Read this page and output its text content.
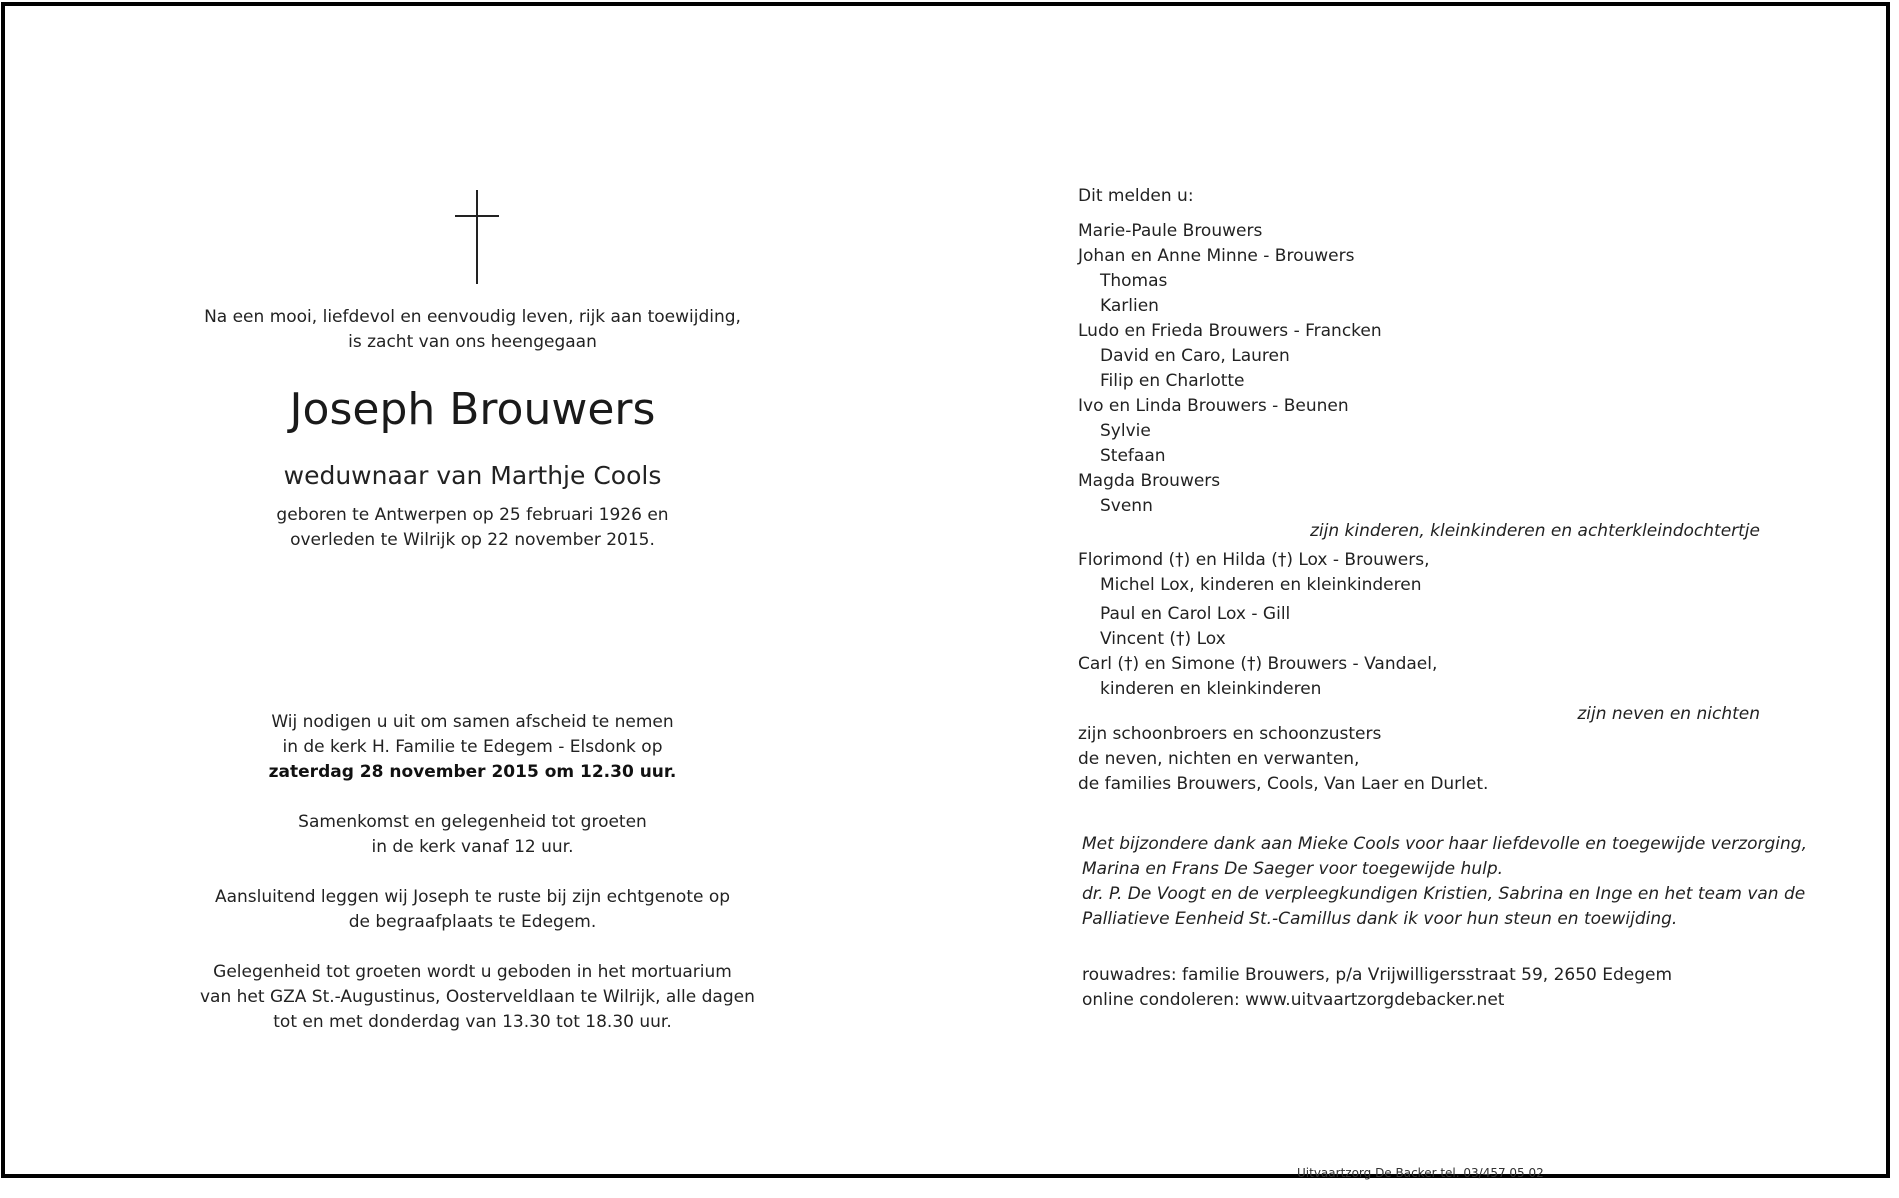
Na een mooi, liefdevol en eenvoudig leven, rijk aan toewijding,
is zacht van ons heengegaan
Joseph Brouwers
weduwnaar van Marthje Cools
geboren te Antwerpen op 25 februari 1926 en
overleden te Wilrijk op 22 november 2015.
Wij nodigen u uit om samen afscheid te nemen
in de kerk H. Familie te Edegem - Elsdonk op
zaterdag 28 november 2015 om 12.30 uur.
Samenkomst en gelegenheid tot groeten
in de kerk vanaf 12 uur.
Aansluitend leggen wij Joseph te ruste bij zijn echtgenote op
de begraafplaats te Edegem.
Gelegenheid tot groeten wordt u geboden in het mortuarium
van het GZA St.-Augustinus, Oosterveldlaan te Wilrijk, alle dagen
tot en met donderdag van 13.30 tot 18.30 uur.
Dit melden u:
Marie-Paule Brouwers
Johan en Anne Minne - Brouwers
Thomas
Karlien
Ludo en Frieda Brouwers - Francken
David en Caro, Lauren
Filip en Charlotte
Ivo en Linda Brouwers - Beunen
Sylvie
Stefaan
Magda Brouwers
Svenn
zijn kinderen, kleinkinderen en achterkleindochtertje
Florimond (†) en Hilda (†) Lox - Brouwers,
Michel Lox, kinderen en kleinkinderen
Paul en Carol Lox - Gill
Vincent (†) Lox
Carl (†) en Simone (†) Brouwers - Vandael,
kinderen en kleinkinderen
zijn neven en nichten
zijn schoonbroers en schoonzusters
de neven, nichten en verwanten,
de families Brouwers, Cools, Van Laer en Durlet.
Met bijzondere dank aan Mieke Cools voor haar liefdevolle en toegewijde verzorging,
Marina en Frans De Saeger voor toegewijde hulp.
dr. P. De Voogt en de verpleegkundigen Kristien, Sabrina en Inge en het team van de
Palliatieve Eenheid St.-Camillus dank ik voor hun steun en toewijding.
rouwadres: familie Brouwers, p/a Vrijwilligersstraat 59, 2650 Edegem
online condoleren: www.uitvaartzorgdebacker.net
Uitvaartzorg De Backer tel. 03/457 05 02
